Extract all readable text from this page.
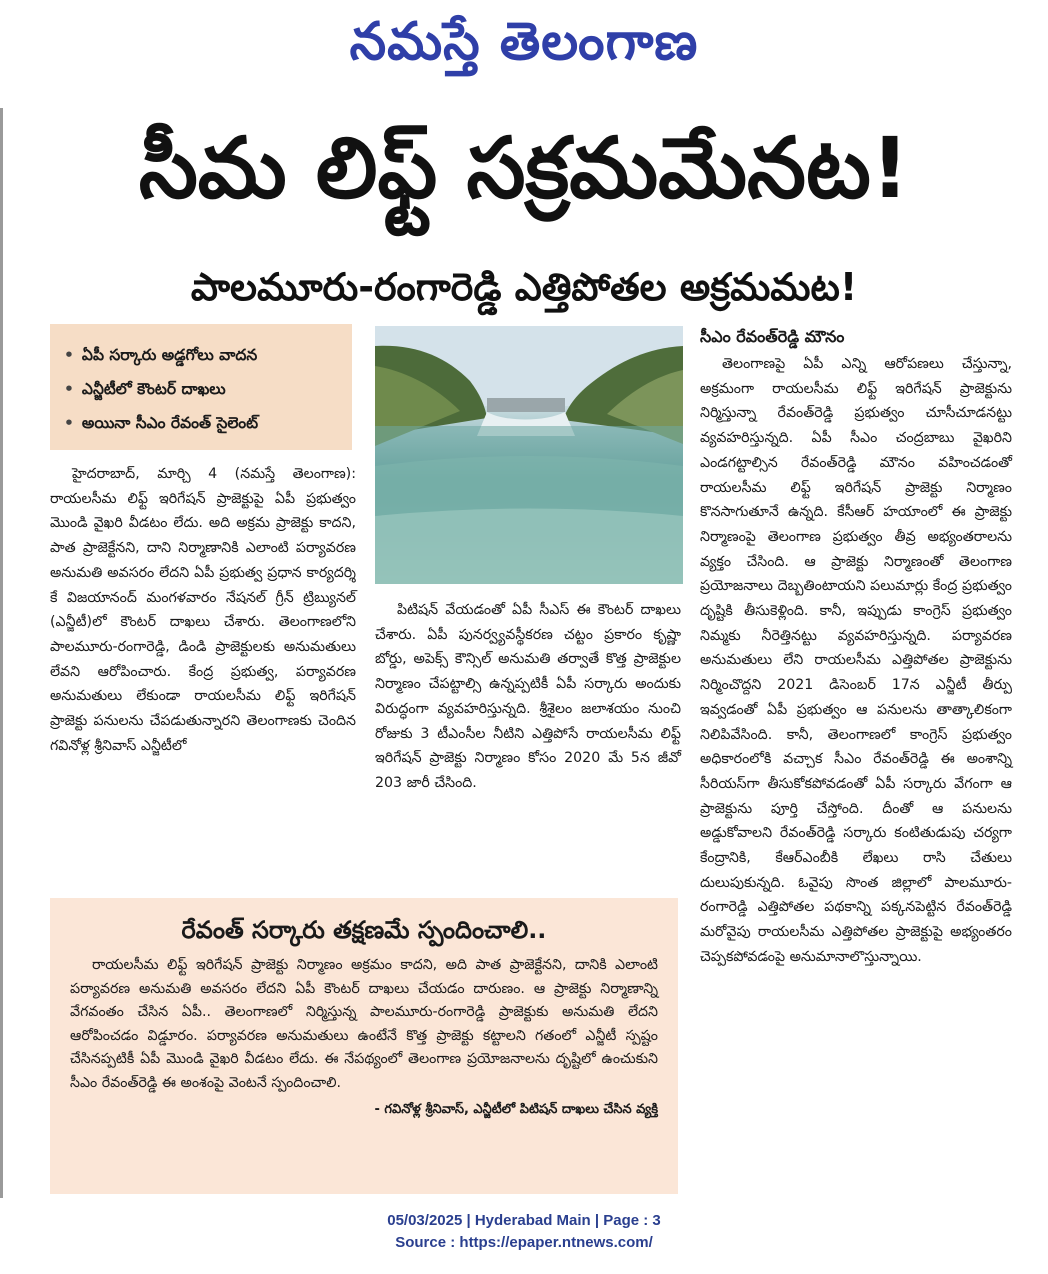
నమస్తే తెలంగాణ
సీమ లిఫ్ట్ సక్రమమేనట!
పాలమూరు-రంగారెడ్డి ఎత్తిపోతల అక్రమమట!
• ఏపీ సర్కారు అడ్డగోలు వాదన
• ఎన్జీటీలో కౌంటర్ దాఖలు
• అయినా సీఎం రేవంత్ సైలెంట్

హైదరాబాద్, మార్చి 4 (నమస్తే తెలంగాణ): రాయలసీమ లిఫ్ట్ ఇరిగేషన్ ప్రాజెక్టుపై ఏపీ ప్రభుత్వం మొండి వైఖరి వీడటం లేదు. అది అక్రమ ప్రాజెక్టు కాదని, పాత ప్రాజెక్టేనని, దాని నిర్మాణానికి ఎలాంటి పర్యావరణ అనుమతి అవసరం లేదని ఏపీ ప్రభుత్వ ప్రధాన కార్యదర్శి కే విజయానంద్ మంగళవారం నేషనల్ గ్రీన్ ట్రిబ్యునల్ (ఎన్జీటీ)లో కౌంటర్ దాఖలు చేశారు. తెలంగాణలోని పాలమూరు-రంగారెడ్డి, డిండి ప్రాజెక్టులకు అనుమతులు లేవని ఆరోపించారు. కేంద్ర ప్రభుత్వ, పర్యావరణ అనుమతులు లేకుండా రాయలసీమ లిఫ్ట్ ఇరిగేషన్ ప్రాజెక్టు పనులను చేపడుతున్నారని తెలంగాణకు చెందిన గవినోళ్ల శ్రీనివాస్ ఎన్జీటీలో

పిటిషన్ వేయడంతో ఏపీ సీఎస్ ఈ కౌంటర్ దాఖలు చేశారు. ఏపీ పునర్వ్యవస్థీకరణ చట్టం ప్రకారం కృష్ణా బోర్డు, అపెక్స్ కౌన్సిల్ అనుమతి తర్వాతే కొత్త ప్రాజెక్టుల నిర్మాణం చేపట్టాల్సి ఉన్నప్పటికీ ఏపీ సర్కారు అందుకు విరుద్ధంగా వ్యవహరిస్తున్నది. శ్రీశైలం జలాశయం నుంచి రోజుకు 3 టీఎంసీల నీటిని ఎత్తిపోసే రాయలసీమ లిఫ్ట్ ఇరిగేషన్ ప్రాజెక్టు నిర్మాణం కోసం 2020 మే 5న జీవో 203 జారీ చేసింది.

సీఎం రేవంత్‌రెడ్డి మౌనం

తెలంగాణపై ఏపీ ఎన్ని ఆరోపణలు చేస్తున్నా, అక్రమంగా రాయలసీమ లిఫ్ట్ ఇరిగేషన్ ప్రాజెక్టును నిర్మిస్తున్నా రేవంత్‌రెడ్డి ప్రభుత్వం చూసీచూడనట్టు వ్యవహరిస్తున్నది. ఏపీ సీఎం చంద్రబాబు వైఖరిని ఎండగట్టాల్సిన రేవంత్‌రెడ్డి మౌనం వహించడంతో రాయలసీమ లిఫ్ట్ ఇరిగేషన్ ప్రాజెక్టు నిర్మాణం కొనసాగుతూనే ఉన్నది. కేసీఆర్ హయాంలో ఈ ప్రాజెక్టు నిర్మాణంపై తెలంగాణ ప్రభుత్వం తీవ్ర అభ్యంతరాలను వ్యక్తం చేసింది. ఆ ప్రాజెక్టు నిర్మాణంతో తెలంగాణ ప్రయోజనాలు దెబ్బతింటాయని పలుమార్లు కేంద్ర ప్రభుత్వం దృష్టికి తీసుకెళ్లింది. కానీ, ఇప్పుడు కాంగ్రెస్ ప్రభుత్వం నిమ్మకు నీరెత్తినట్టు వ్యవహరిస్తున్నది. పర్యావరణ అనుమతులు లేని రాయలసీమ ఎత్తిపోతల ప్రాజెక్టును నిర్మించొద్దని 2021 డిసెంబర్ 17న ఎన్జీటీ తీర్పు ఇవ్వడంతో ఏపీ ప్రభుత్వం ఆ పనులను తాత్కాలికంగా నిలిపివేసింది. కానీ, తెలంగాణలో కాంగ్రెస్ ప్రభుత్వం అధికారంలోకి వచ్చాక సీఎం రేవంత్‌రెడ్డి ఈ అంశాన్ని సీరియస్‌గా తీసుకోకపోవడంతో ఏపీ సర్కారు వేగంగా ఆ ప్రాజెక్టును పూర్తి చేస్తోంది. దీంతో ఆ పనులను అడ్డుకోవాలని రేవంత్‌రెడ్డి సర్కారు కంటితుడుపు చర్యగా కేంద్రానికి, కేఆర్‌ఎంబీకి లేఖలు రాసి చేతులు దులుపుకున్నది. ఓవైపు సొంత జిల్లాలో పాలమూరు-రంగారెడ్డి ఎత్తిపోతల పథకాన్ని పక్కనపెట్టిన రేవంత్‌రెడ్డి మరోవైపు రాయలసీమ ఎత్తిపోతల ప్రాజెక్టుపై అభ్యంతరం చెప్పకపోవడంపై అనుమానాలొస్తున్నాయి.

రేవంత్ సర్కారు తక్షణమే స్పందించాలి..

రాయలసీమ లిఫ్ట్ ఇరిగేషన్ ప్రాజెక్టు నిర్మాణం అక్రమం కాదని, అది పాత ప్రాజెక్టేనని, దానికి ఎలాంటి పర్యావరణ అనుమతి అవసరం లేదని ఏపీ కౌంటర్ దాఖలు చేయడం దారుణం. ఆ ప్రాజెక్టు నిర్మాణాన్ని వేగవంతం చేసిన ఏపీ.. తెలంగాణలో నిర్మిస్తున్న పాలమూరు-రంగారెడ్డి ప్రాజెక్టుకు అనుమతి లేదని ఆరోపించడం విడ్డూరం. పర్యావరణ అనుమతులు ఉంటేనే కొత్త ప్రాజెక్టు కట్టాలని గతంలో ఎన్జీటీ స్పష్టం చేసినప్పటికీ ఏపీ మొండి వైఖరి వీడటం లేదు. ఈ నేపథ్యంలో తెలంగాణ ప్రయోజనాలను దృష్టిలో ఉంచుకుని సీఎం రేవంత్‌రెడ్డి ఈ అంశంపై వెంటనే స్పందించాలి.

- గవినోళ్ల శ్రీనివాస్, ఎన్జీటీలో పిటిషన్ దాఖలు చేసిన వ్యక్తి
05/03/2025 | Hyderabad Main | Page : 3
Source : https://epaper.ntnews.com/
